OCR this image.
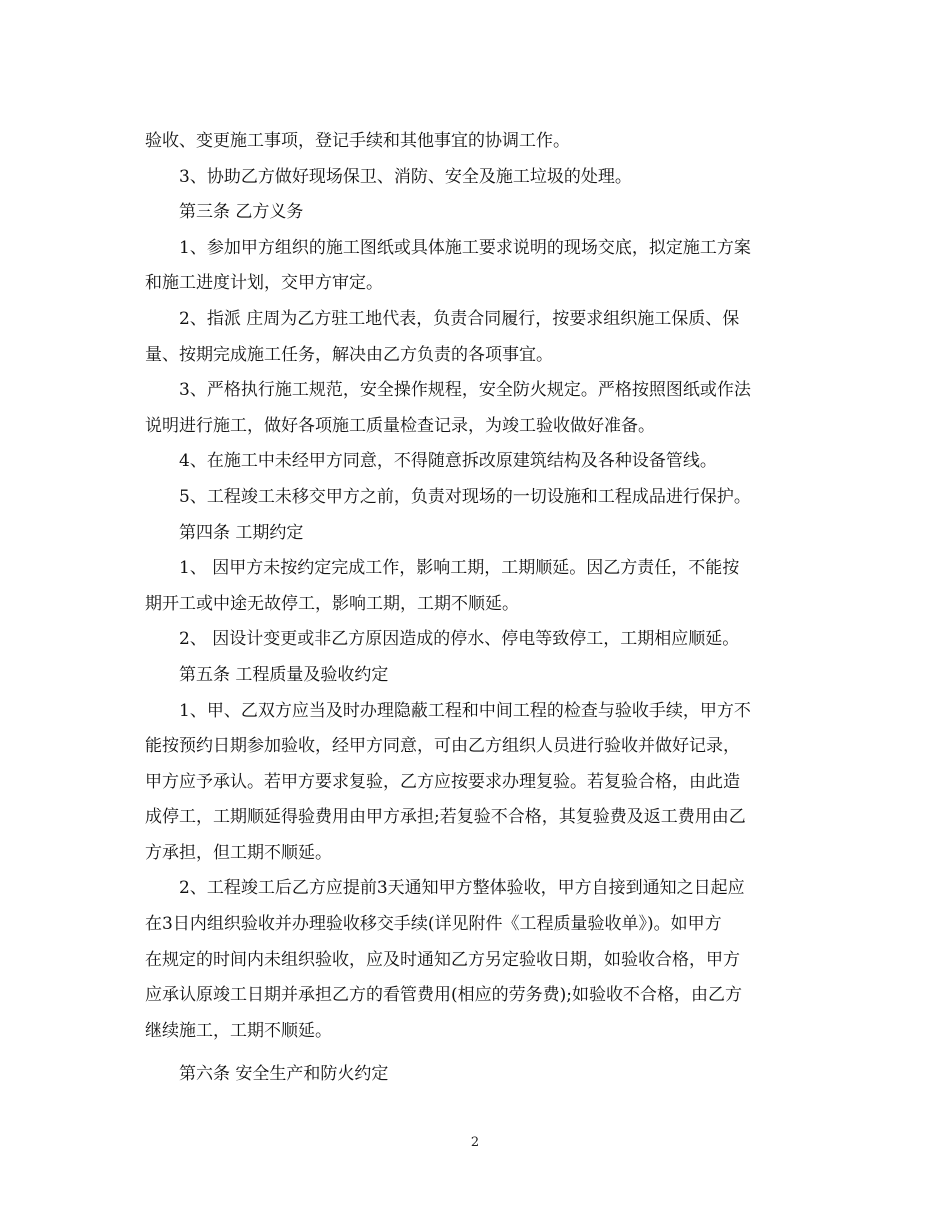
验收、变更施工事项，登记手续和其他事宜的协调工作。
3、协助乙方做好现场保卫、消防、安全及施工垃圾的处理。
第三条 乙方义务
1、参加甲方组织的施工图纸或具体施工要求说明的现场交底，拟定施工方案
和施工进度计划，交甲方审定。
2、指派 庄周为乙方驻工地代表，负责合同履行，按要求组织施工保质、保
量、按期完成施工任务，解决由乙方负责的各项事宜。
3、严格执行施工规范，安全操作规程，安全防火规定。严格按照图纸或作法
说明进行施工，做好各项施工质量检查记录，为竣工验收做好准备。
4、在施工中未经甲方同意，不得随意拆改原建筑结构及各种设备管线。
5、工程竣工未移交甲方之前，负责对现场的一切设施和工程成品进行保护。
第四条 工期约定
1、 因甲方未按约定完成工作，影响工期，工期顺延。因乙方责任，不能按
期开工或中途无故停工，影响工期，工期不顺延。
2、 因设计变更或非乙方原因造成的停水、停电等致停工，工期相应顺延。
第五条 工程质量及验收约定
1、甲、乙双方应当及时办理隐蔽工程和中间工程的检查与验收手续，甲方不
能按预约日期参加验收，经甲方同意，可由乙方组织人员进行验收并做好记录，
甲方应予承认。若甲方要求复验，乙方应按要求办理复验。若复验合格，由此造
成停工，工期顺延得验费用由甲方承担;若复验不合格，其复验费及返工费用由乙
方承担，但工期不顺延。
2、工程竣工后乙方应提前3天通知甲方整体验收，甲方自接到通知之日起应
在3日内组织验收并办理验收移交手续(详见附件《工程质量验收单》)。如甲方
在规定的时间内未组织验收，应及时通知乙方另定验收日期，如验收合格，甲方
应承认原竣工日期并承担乙方的看管费用(相应的劳务费);如验收不合格，由乙方
继续施工，工期不顺延。
第六条 安全生产和防火约定
2
